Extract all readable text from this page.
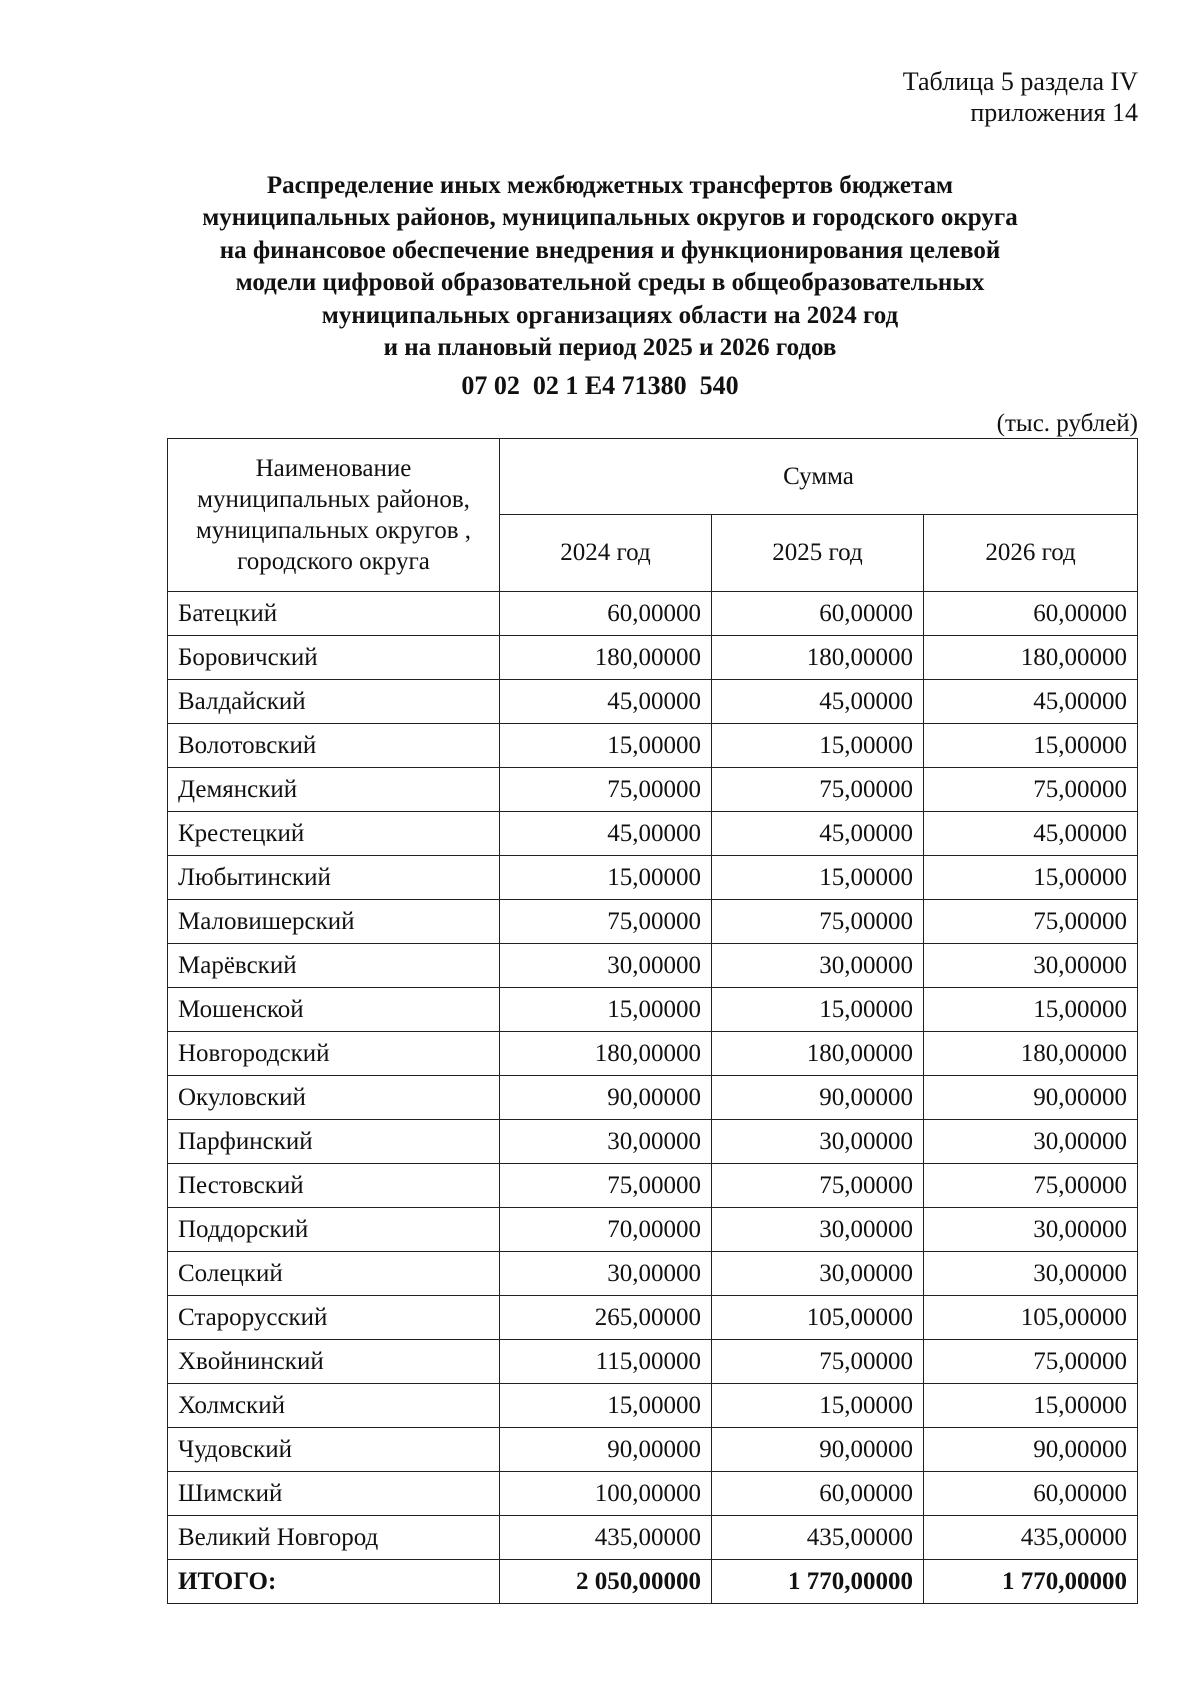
Таблица 5 раздела IV
приложения 14
Распределение иных межбюджетных трансфертов бюджетам
муниципальных районов, муниципальных округов и городского округа
на финансовое обеспечение внедрения и функционирования целевой
модели цифровой образовательной среды в общеобразовательных
муниципальных организациях области на 2024 год
и на плановый период 2025 и 2026 годов
07 02  02 1 Е4 71380  540
(тыс. рублей)
Наименование муниципальных районов, муниципальных округов , городского округа	Сумма		
	2024 год	2025 год	2026 год
Батецкий	60,00000	60,00000	60,00000
Боровичский	180,00000	180,00000	180,00000
Валдайский	45,00000	45,00000	45,00000
Волотовский	15,00000	15,00000	15,00000
Демянский	75,00000	75,00000	75,00000
Крестецкий	45,00000	45,00000	45,00000
Любытинский	15,00000	15,00000	15,00000
Маловишерский	75,00000	75,00000	75,00000
Марёвский	30,00000	30,00000	30,00000
Мошенской	15,00000	15,00000	15,00000
Новгородский	180,00000	180,00000	180,00000
Окуловский	90,00000	90,00000	90,00000
Парфинский	30,00000	30,00000	30,00000
Пестовский	75,00000	75,00000	75,00000
Поддорский	70,00000	30,00000	30,00000
Солецкий	30,00000	30,00000	30,00000
Старорусский	265,00000	105,00000	105,00000
Хвойнинский	115,00000	75,00000	75,00000
Холмский	15,00000	15,00000	15,00000
Чудовский	90,00000	90,00000	90,00000
Шимский	100,00000	60,00000	60,00000
Великий Новгород	435,00000	435,00000	435,00000
ИТОГО:	2 050,00000	1 770,00000	1 770,00000
